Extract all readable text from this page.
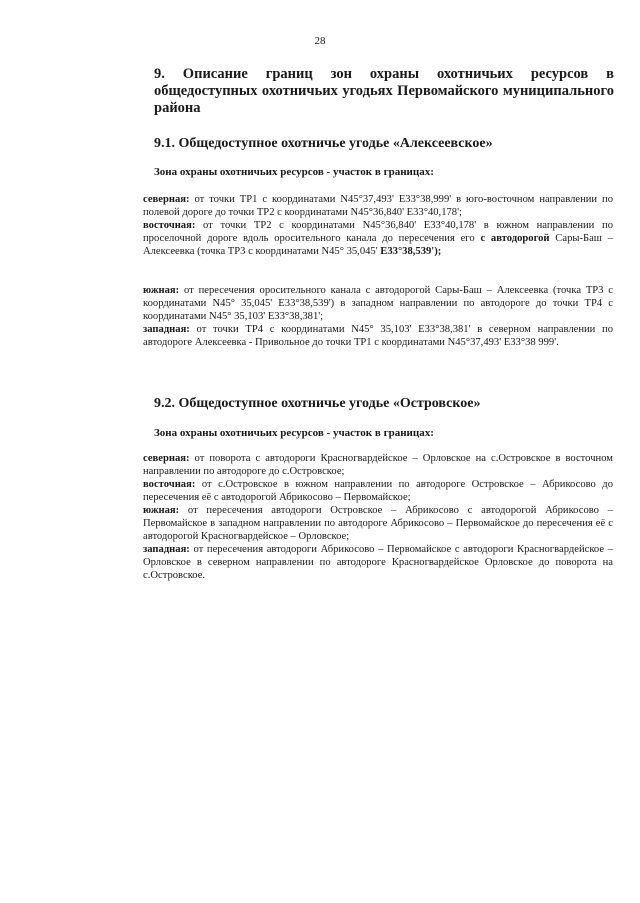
28
9. Описание границ зон охраны охотничьих ресурсов в общедоступных охотничьих угодьях Первомайского муниципального района
9.1. Общедоступное охотничье угодье «Алексеевское»
Зона охраны охотничьих ресурсов - участок в границах:
северная: от точки ТР1 с координатами N45°37,493' E33°38,999' в юго-восточном направлении по полевой дороге до точки ТР2 с координатами N45°36,840' E33°40,178';
восточная: от точки ТР2 с координатами N45°36,840' E33°40,178' в южном направлении по проселочной дороге вдоль оросительного канала до пересечения его с автодорогой Сары-Баш – Алексеевка (точка ТР3 с координатами N45° 35,045' E33°38,539');
южная: от пересечения оросительного канала с автодорогой Сары-Баш – Алексеевка (точка ТР3 с координатами N45° 35,045' E33°38,539') в западном направлении по автодороге до точки ТР4 с координатами N45° 35,103' E33°38,381';
западная: от точки ТР4 с координатами N45° 35,103' E33°38,381' в северном направлении по автодороге Алексеевка - Привольное до точки ТР1 с координатами N45°37,493' E33°38 999'.
9.2. Общедоступное охотничье угодье «Островское»
Зона охраны охотничьих ресурсов - участок в границах:
северная: от поворота с автодороги Красногвардейское – Орловское на с.Островское в восточном направлении по автодороге до с.Островское;
восточная: от с.Островское в южном направлении по автодороге Островское – Абрикосово до пересечения её с автодорогой Абрикосово – Первомайское;
южная: от пересечения автодороги Островское – Абрикосово с автодорогой Абрикосово – Первомайское в западном направлении по автодороге Абрикосово – Первомайское до пересечения её с автодорогой Красногвардейское – Орловское;
западная: от пересечения автодороги Абрикосово – Первомайское с автодороги Красногвардейское – Орловское в северном направлении по автодороге Красногвардейское Орловское до поворота на с.Островское.
